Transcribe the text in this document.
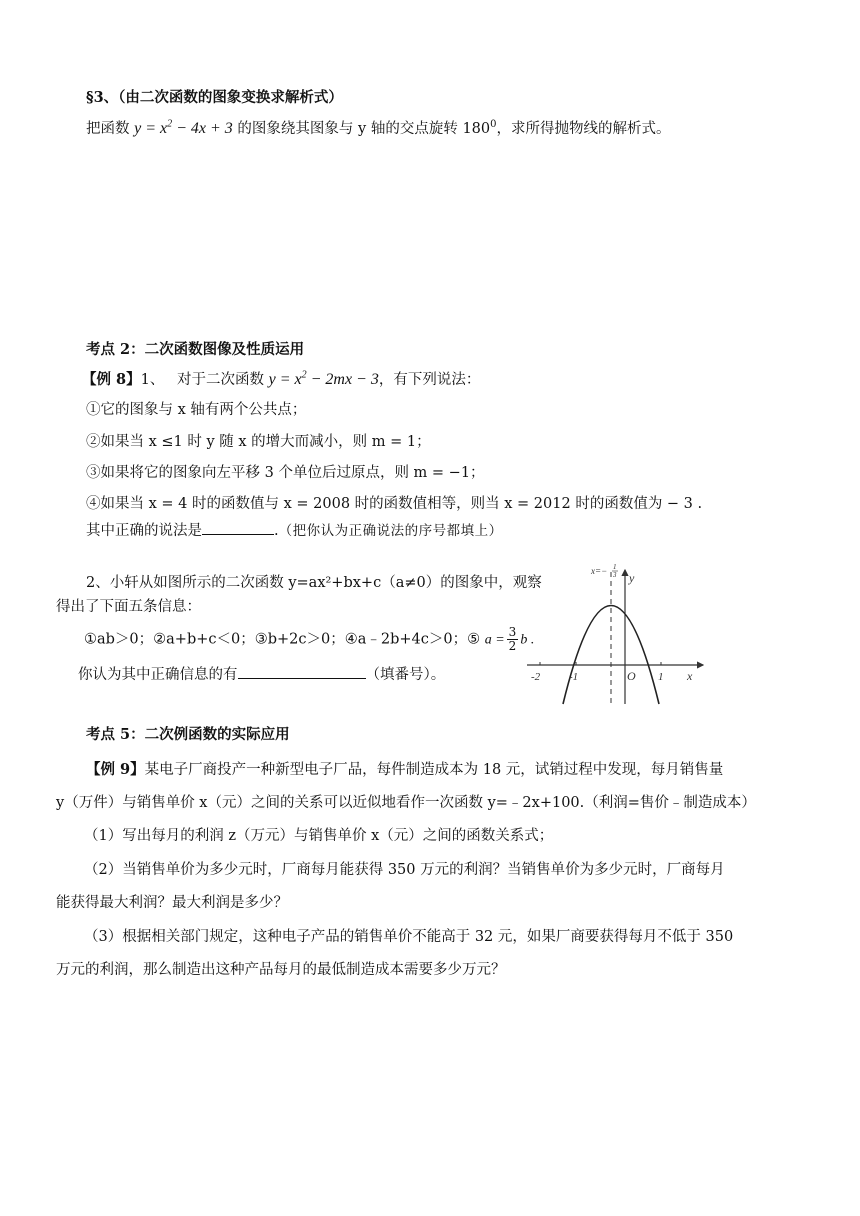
§3、（由二次函数的图象变换求解析式）
把函数 $y = x^2 - 4x + 3$ 的图象绕其图象与 y 轴的交点旋转 $180^0$，求所得抛物线的解析式。
考点 2：二次函数图像及性质运用
【例 8】1、 对于二次函数 $y = x^2 - 2mx - 3$，有下列说法：
①它的图象与 x 轴有两个公共点；
②如果当 x ≤1 时 y 随 x 的增大而减小，则 m = 1；
③如果将它的图象向左平移 3 个单位后过原点，则 m = −1；
④如果当 x = 4 时的函数值与 x = 2008 时的函数值相等，则当 x = 2012 时的函数值为 − 3 .
其中正确的说法是	.（把你认为正确说法的序号都填上）
2、小轩从如图所示的二次函数 y=ax²+bx+c（a≠0）的图象中，观察
得出了下面五条信息：
①ab＞0；②a+b+c＜0；③b+2c＞0；④a﹣2b+4c＞0；⑤ $a = \frac{3}{2}$ b .
你认为其中正确信息的有	（填番号）。	-2	-1	1
O	x
y
x=− 1
3
考点 5：二次例函数的实际应用
【例 9】某电子厂商投产一种新型电子厂品，每件制造成本为 18 元，试销过程中发现，每月销售量
y（万件）与销售单价 x（元）之间的关系可以近似地看作一次函数 y=﹣2x+100.（利润=售价﹣制造成本）
（1）写出每月的利润 z（万元）与销售单价 x（元）之间的函数关系式；
（2）当销售单价为多少元时，厂商每月能获得 350 万元的利润？当销售单价为多少元时，厂商每月
能获得最大利润？最大利润是多少？
（3）根据相关部门规定，这种电子产品的销售单价不能高于 32 元，如果厂商要获得每月不低于 350
万元的利润，那么制造出这种产品每月的最低制造成本需要多少万元？
